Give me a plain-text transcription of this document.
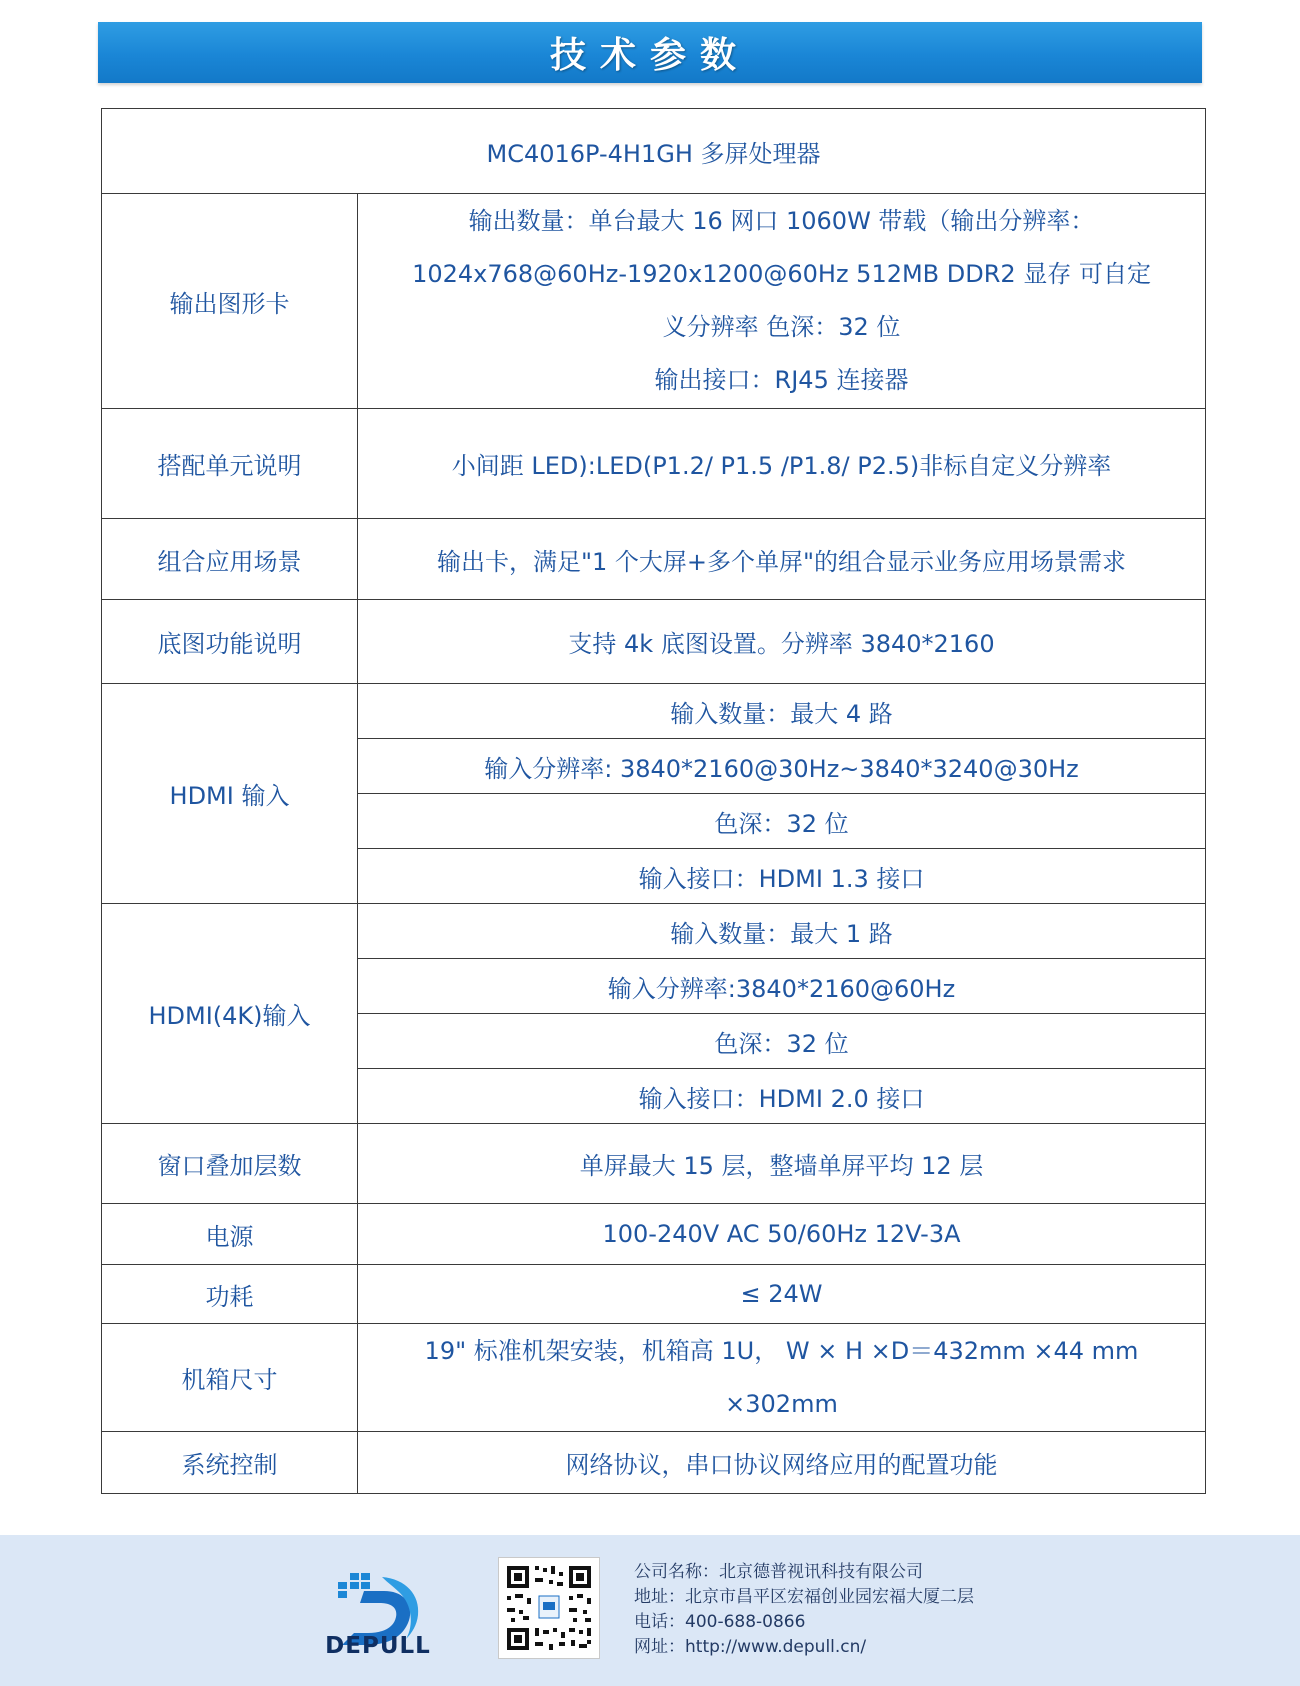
技术参数
MC4016P-4H1GH 多屏处理器	
输出图形卡	输出数量：单台最大 16 网口 1060W 带载（输出分辨率：
1024x768@60Hz-1920x1200@60Hz 512MB DDR2 显存 可自定
义分辨率 色深：32 位
输出接口：RJ45 连接器

搭配单元说明	小间距 LED):LED(P1.2/ P1.5 /P1.8/ P2.5)非标自定义分辨率
组合应用场景	输出卡，满足"1 个大屏+多个单屏"的组合显示业务应用场景需求
底图功能说明	支持 4k 底图设置。分辨率 3840*2160
HDMI 输入	输入数量：最大 4 路
	输入分辨率: 3840*2160@30Hz~3840*3240@30Hz
	色深：32 位
	输入接口：HDMI 1.3 接口
HDMI(4K)输入	输入数量：最大 1 路
	输入分辨率:3840*2160@60Hz
	色深：32 位
	输入接口：HDMI 2.0 接口
窗口叠加层数	单屏最大 15 层，整墙单屏平均 12 层
电源	100-240V AC 50/60Hz 12V-3A
功耗	≤ 24W
机箱尺寸	19" 标准机架安装，机箱高 1U， W × H ×D＝432mm ×44 mm
×302mm

系统控制	网络协议，串口协议网络应用的配置功能
DEPULL
公司名称：北京德普视讯科技有限公司
地址：北京市昌平区宏福创业园宏福大厦二层
电话：400-688-0866
网址：http://www.depull.cn/
